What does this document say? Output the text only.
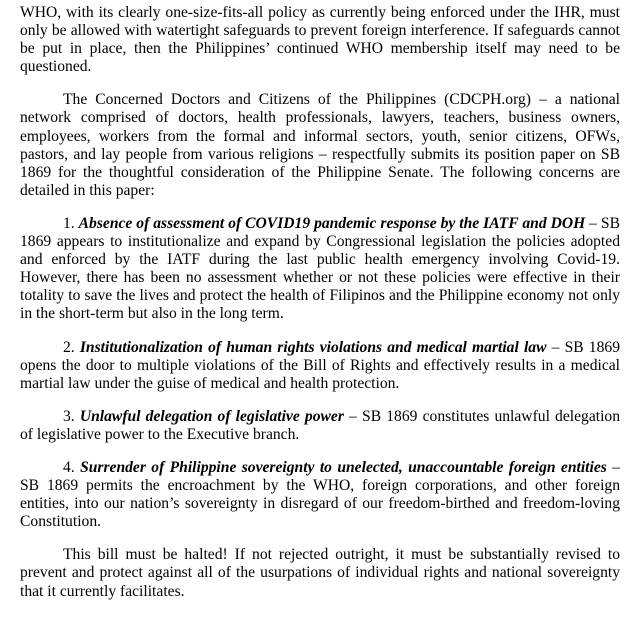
WHO, with its clearly one-size-fits-all policy as currently being enforced under the IHR, must only be allowed with watertight safeguards to prevent foreign interference. If safeguards cannot be put in place, then the Philippines’ continued WHO membership itself may need to be questioned.

The Concerned Doctors and Citizens of the Philippines (CDCPH.org) – a national network comprised of doctors, health professionals, lawyers, teachers, business owners, employees, workers from the formal and informal sectors, youth, senior citizens, OFWs, pastors, and lay people from various religions – respectfully submits its position paper on SB 1869 for the thoughtful consideration of the Philippine Senate. The following concerns are detailed in this paper:

1. Absence of assessment of COVID19 pandemic response by the IATF and DOH – SB 1869 appears to institutionalize and expand by Congressional legislation the policies adopted and enforced by the IATF during the last public health emergency involving Covid-19. However, there has been no assessment whether or not these policies were effective in their totality to save the lives and protect the health of Filipinos and the Philippine economy not only in the short-term but also in the long term.

2. Institutionalization of human rights violations and medical martial law – SB 1869 opens the door to multiple violations of the Bill of Rights and effectively results in a medical martial law under the guise of medical and health protection.

3. Unlawful delegation of legislative power – SB 1869 constitutes unlawful delegation of legislative power to the Executive branch.

4. Surrender of Philippine sovereignty to unelected, unaccountable foreign entities – SB 1869 permits the encroachment by the WHO, foreign corporations, and other foreign entities, into our nation’s sovereignty in disregard of our freedom-birthed and freedom-loving Constitution.

This bill must be halted! If not rejected outright, it must be substantially revised to prevent and protect against all of the usurpations of individual rights and national sovereignty that it currently facilitates.
